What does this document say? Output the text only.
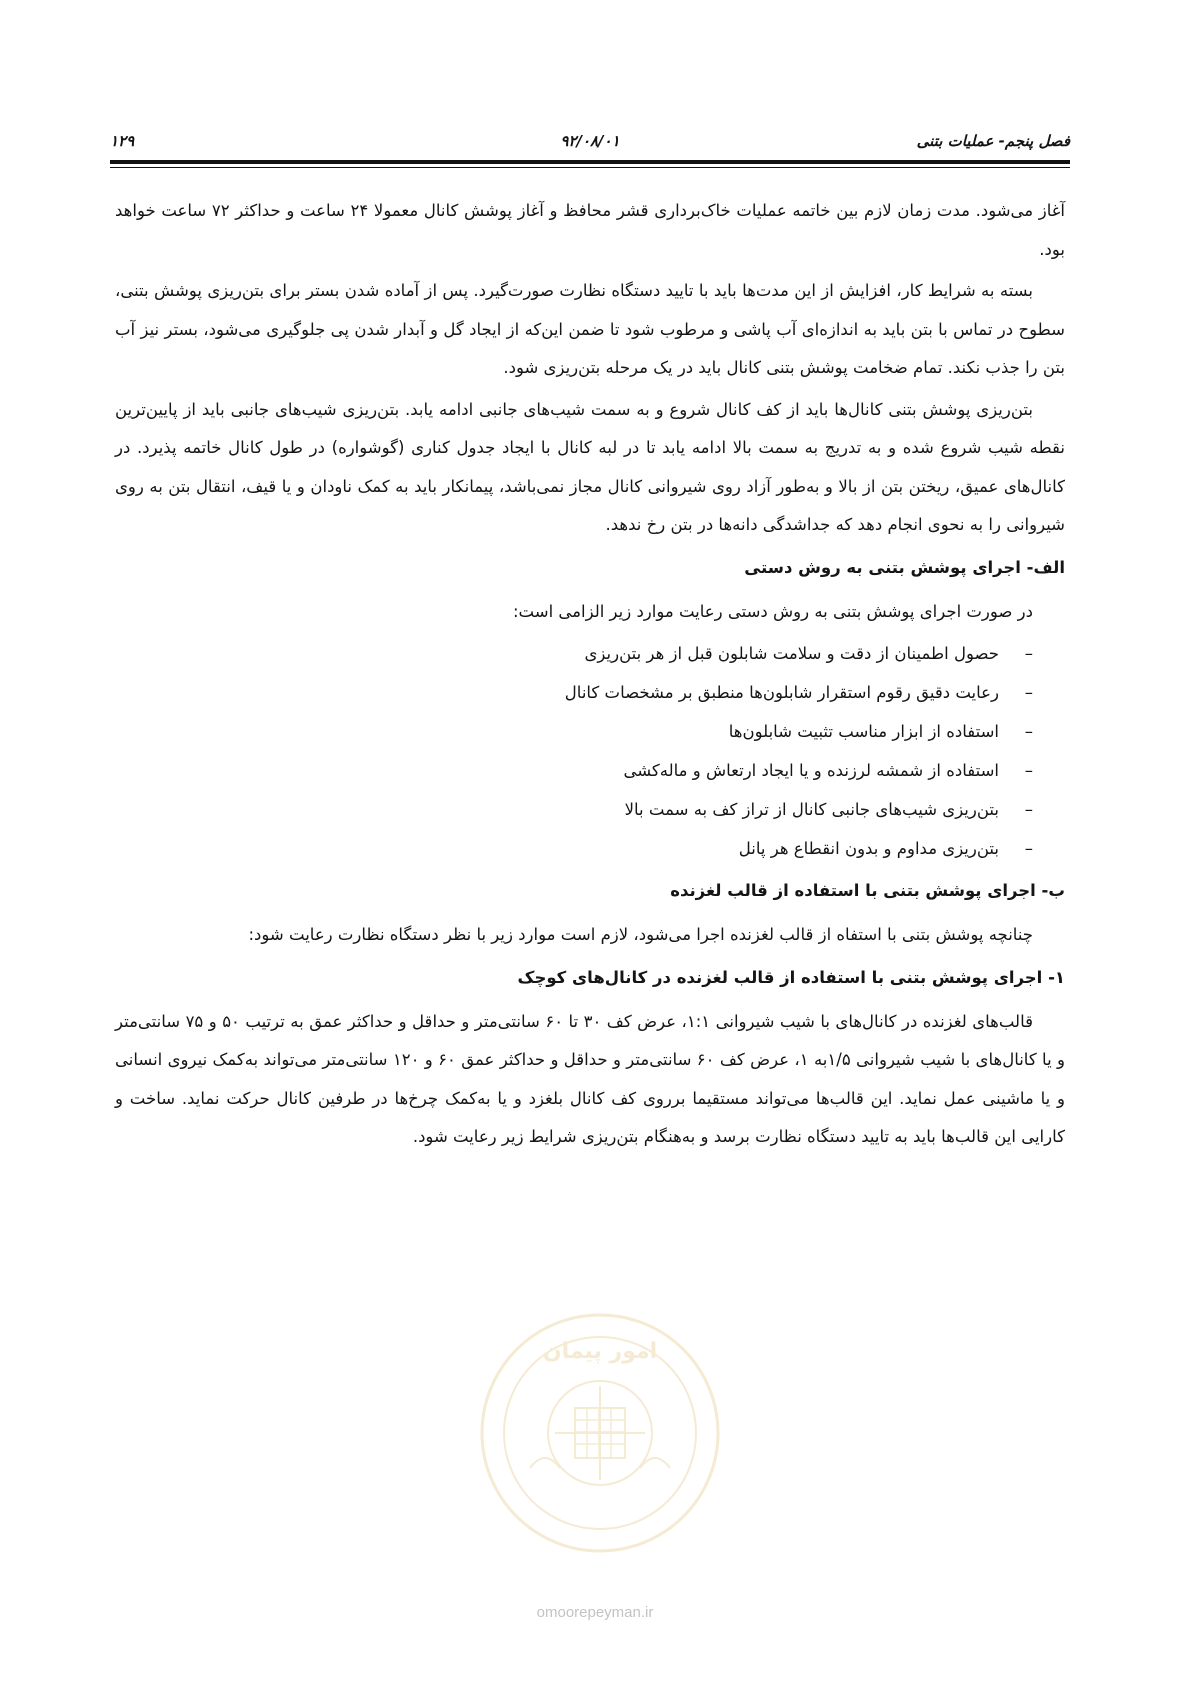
فصل پنجم- عملیات بتنی
۹۲/۰۸/۰۱
۱۲۹

آغاز می‌شود. مدت زمان لازم بین خاتمه عملیات خاک‌برداری قشر محافظ و آغاز پوشش کانال معمولا ۲۴ ساعت و حداکثر ۷۲ ساعت خواهد بود.

بسته به شرایط کار، افزایش از این مدت‌ها باید با تایید دستگاه نظارت صورت‌گیرد. پس از آماده شدن بستر برای بتن‌ریزی پوشش بتنی، سطوح در تماس با بتن باید به اندازه‌ای آب پاشی و مرطوب شود تا ضمن این‌که از ایجاد گل و آبدار شدن پی جلوگیری می‌شود، بستر نیز آب بتن را جذب نکند. تمام ضخامت پوشش بتنی کانال باید در یک مرحله بتن‌ریزی شود.

بتن‌ریزی پوشش بتنی کانال‌ها باید از کف کانال شروع و به سمت شیب‌های جانبی ادامه یابد. بتن‌ریزی شیب‌های جانبی باید از پایین‌ترین نقطه شیب شروع شده و به تدریج به سمت بالا ادامه یابد تا در لبه کانال با ایجاد جدول کناری (گوشواره) در طول کانال خاتمه پذیرد. در کانال‌های عمیق، ریختن بتن از بالا و به‌طور آزاد روی شیروانی کانال مجاز نمی‌باشد، پیمانکار باید به کمک ناودان و یا قیف، انتقال بتن به روی شیروانی را به نحوی انجام دهد که جداشدگی دانه‌ها در بتن رخ ندهد.

الف- اجرای پوشش بتنی به روش دستی

در صورت اجرای پوشش بتنی به روش دستی رعایت موارد زیر الزامی است:

–حصول اطمینان از دقت و سلامت شابلون قبل از هر بتن‌ریزی
–رعایت دقیق رقوم استقرار شابلون‌ها منطبق بر مشخصات کانال
–استفاده از ابزار مناسب تثبیت شابلون‌ها
–استفاده از شمشه لرزنده و یا ایجاد ارتعاش و ماله‌کشی
–بتن‌ریزی شیب‌های جانبی کانال از تراز کف به سمت بالا
–بتن‌ریزی مداوم و بدون انقطاع هر پانل
ب- اجرای پوشش بتنی با استفاده از قالب لغزنده

چنانچه پوشش بتنی با استفاه از قالب لغزنده اجرا می‌شود، لازم است موارد زیر با نظر دستگاه نظارت رعایت شود:

۱- اجرای پوشش بتنی با استفاده از قالب لغزنده در کانال‌های کوچک

قالب‌های لغزنده در کانال‌های با شیب شیروانی ۱:۱، عرض کف ۳۰ تا ۶۰ سانتی‌متر و حداقل و حداکثر عمق به ترتیب ۵۰ و ۷۵ سانتی‌متر و یا کانال‌های با شیب شیروانی ۱/۵به ۱، عرض کف ۶۰ سانتی‌متر و حداقل و حداکثر عمق ۶۰ و ۱۲۰ سانتی‌متر می‌تواند به‌کمک نیروی انسانی و یا ماشینی عمل نماید. این قالب‌ها می‌تواند مستقیما برروی کف کانال بلغزد و یا به‌کمک چرخ‌ها در طرفین کانال حرکت نماید. ساخت و کارایی این قالب‌ها باید به تایید دستگاه نظارت برسد و به‌هنگام بتن‌ریزی شرایط زیر رعایت شود.

امور پیمان
omoorepeyman.ir
